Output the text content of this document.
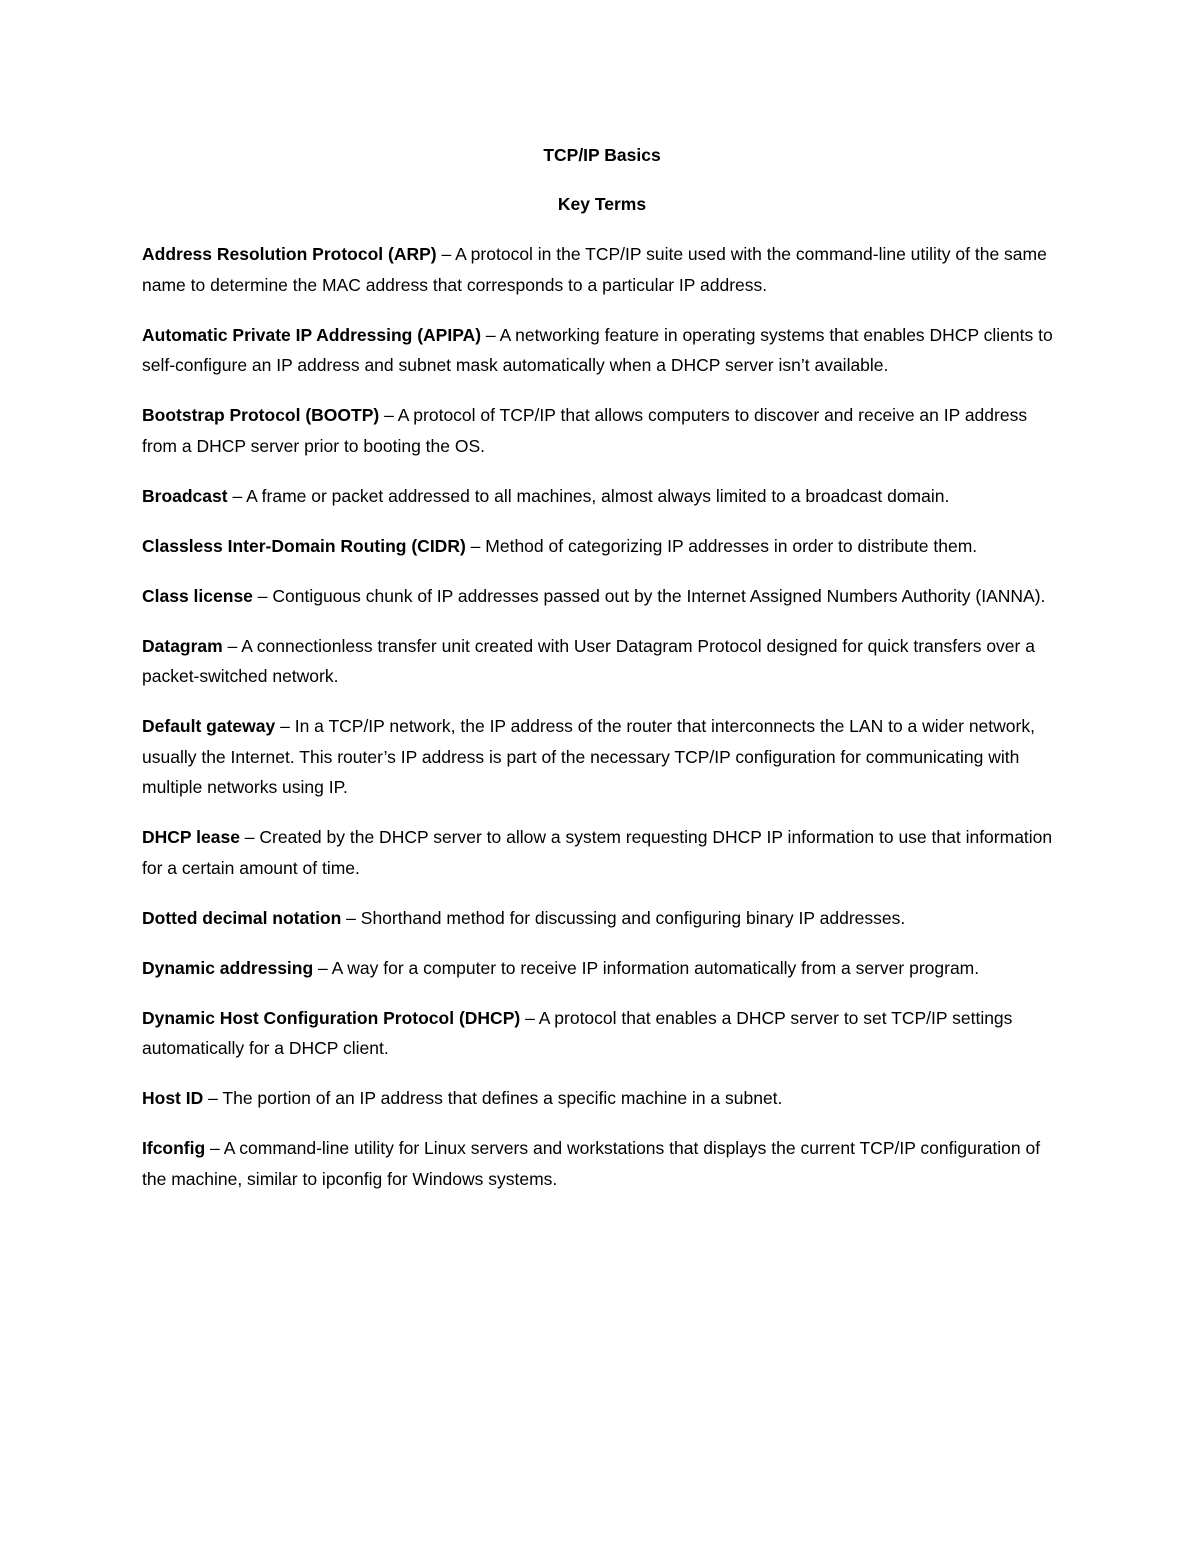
TCP/IP Basics

Key Terms

Address Resolution Protocol (ARP) – A protocol in the TCP/IP suite used with the command-line utility of the same name to determine the MAC address that corresponds to a particular IP address.

Automatic Private IP Addressing (APIPA) – A networking feature in operating systems that enables DHCP clients to self-configure an IP address and subnet mask automatically when a DHCP server isn’t available.

Bootstrap Protocol (BOOTP) – A protocol of TCP/IP that allows computers to discover and receive an IP address from a DHCP server prior to booting the OS.

Broadcast – A frame or packet addressed to all machines, almost always limited to a broadcast domain.

Classless Inter-Domain Routing (CIDR) – Method of categorizing IP addresses in order to distribute them.

Class license – Contiguous chunk of IP addresses passed out by the Internet Assigned Numbers Authority (IANNA).

Datagram – A connectionless transfer unit created with User Datagram Protocol designed for quick transfers over a packet-switched network.

Default gateway – In a TCP/IP network, the IP address of the router that interconnects the LAN to a wider network, usually the Internet. This router’s IP address is part of the necessary TCP/IP configuration for communicating with multiple networks using IP.

DHCP lease – Created by the DHCP server to allow a system requesting DHCP IP information to use that information for a certain amount of time.

Dotted decimal notation – Shorthand method for discussing and configuring binary IP addresses.

Dynamic addressing – A way for a computer to receive IP information automatically from a server program.

Dynamic Host Configuration Protocol (DHCP) – A protocol that enables a DHCP server to set TCP/IP settings automatically for a DHCP client.

Host ID – The portion of an IP address that defines a specific machine in a subnet.

Ifconfig – A command-line utility for Linux servers and workstations that displays the current TCP/IP configuration of the machine, similar to ipconfig for Windows systems.
